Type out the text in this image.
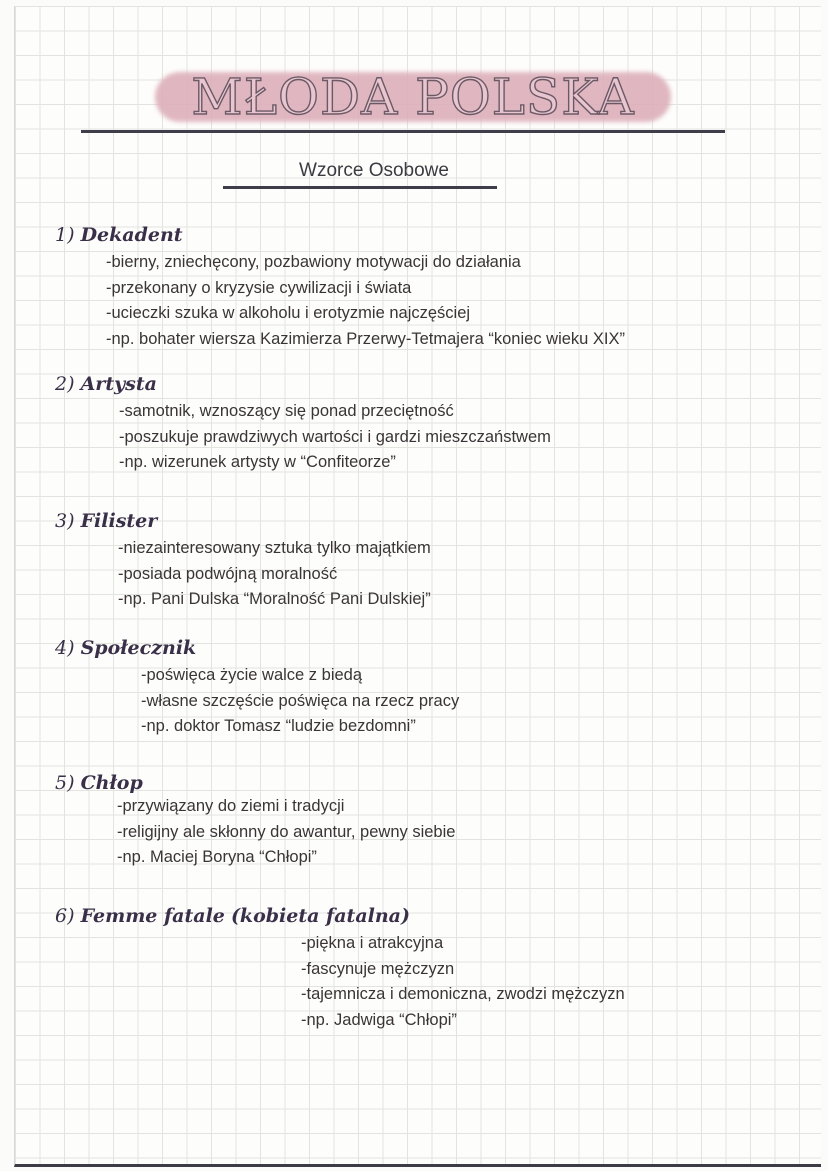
MŁODA POLSKA
Wzorce Osobowe
1) Dekadent
-bierny, zniechęcony, pozbawiony motywacji do działania
-przekonany o kryzysie cywilizacji i świata
-ucieczki szuka w alkoholu i erotyzmie najczęściej
-np. bohater wiersza Kazimierza Przerwy-Tetmajera “koniec wieku XIX”
2) Artysta
-samotnik, wznoszący się ponad przeciętność
-poszukuje prawdziwych wartości i gardzi mieszczaństwem
-np. wizerunek artysty w “Confiteorze”
3) Filister
-niezainteresowany sztuka tylko majątkiem
-posiada podwójną moralność
-np. Pani Dulska “Moralność Pani Dulskiej”
4) Społecznik
-poświęca życie walce z biedą
-własne szczęście poświęca na rzecz pracy
-np. doktor Tomasz “ludzie bezdomni”
5) Chłop
-przywiązany do ziemi i tradycji
-religijny ale skłonny do awantur, pewny siebie
-np. Maciej Boryna “Chłopi”
6) Femme fatale (kobieta fatalna)
-piękna i atrakcyjna
-fascynuje mężczyzn
-tajemnicza i demoniczna, zwodzi mężczyzn
-np. Jadwiga “Chłopi”
